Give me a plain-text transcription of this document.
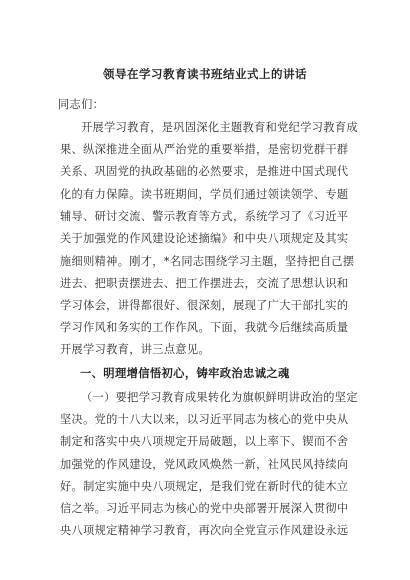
领导在学习教育读书班结业式上的讲话
同志们：
开展学习教育，是巩固深化主题教育和党纪学习教育成
果、纵深推进全面从严治党的重要举措，是密切党群干群
关系、巩固党的执政基础的必然要求，是推进中国式现代
化的有力保障。读书班期间，学员们通过领读领学、专题
辅导、研讨交流、警示教育等方式，系统学习了《习近平
关于加强党的作风建设论述摘编》和中央八项规定及其实
施细则精神。刚才，*名同志围绕学习主题，坚持把自己摆
进去、把职责摆进去、把工作摆进去，交流了思想认识和
学习体会，讲得都很好、很深刻，展现了广大干部扎实的
学习作风和务实的工作作风。下面，我就今后继续高质量
开展学习教育，讲三点意见。
一、明理增信悟初心，铸牢政治忠诚之魂
（一）要把学习教育成果转化为旗帜鲜明讲政治的坚定
坚决。党的十八大以来，以习近平同志为核心的党中央从
制定和落实中央八项规定开局破题，以上率下、锲而不舍
加强党的作风建设，党风政风焕然一新，社风民风持续向
好。制定实施中央八项规定，是我们党在新时代的徒木立
信之举。习近平同志为核心的党中央部署开展深入贯彻中
央八项规定精神学习教育，再次向全党宣示作风建设永远
